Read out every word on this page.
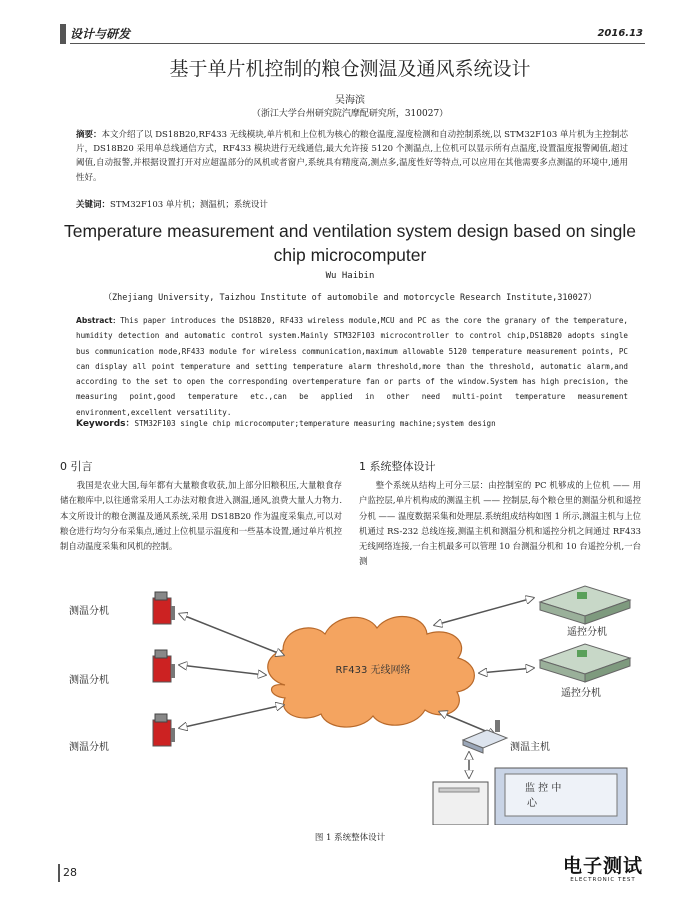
设计与研发	2016.13
基于单片机控制的粮仓测温及通风系统设计
吴海滨
（浙江大学台州研究院汽摩配研究所，310027）
摘要：本文介绍了以 DS18B20,RF433 无线模块,单片机和上位机为核心的粮仓温度,湿度检测和自动控制系统,以 STM32F103 单片机为主控制芯片，DS18B20 采用单总线通信方式，RF433 模块进行无线通信,最大允许接 5120 个测温点,上位机可以显示所有点温度,设置温度报警阈值,超过阈值,自动报警,并根据设置打开对应超温部分的风机或者窗户,系统具有精度高,测点多,温度性好等特点,可以应用在其他需要多点测温的环境中,通用性好。
关键词：STM32F103 单片机；测温机；系统设计
Temperature measurement and ventilation system design based on single chip microcomputer
Wu Haibin
（Zhejiang University, Taizhou Institute of automobile and motorcycle Research Institute,310027）
Abstract：This paper introduces the DS18B20, RF433 wireless module,MCU and PC as the core the granary of the temperature, humidity detection and automatic control system.Mainly STM32F103 microcontroller to control chip,DS18B20 adopts single bus communication mode,RF433 module for wireless communication,maximum allowable 5120 temperature measurement points, PC can display all point temperature and setting temperature alarm threshold,more than the threshold, automatic alarm,and according to the set to open the corresponding overtemperature fan or parts of the window.System has high precision, the measuring point,good temperature etc.,can be applied in other need multi-point temperature measurement environment,excellent versatility.
Keywords：STM32F103 single chip microcomputer;temperature measuring machine;system design
0 引言
我国是农业大国,每年都有大量粮食收获,加上部分旧粮积压,大量粮食存储在粮库中,以往通常采用人工办法对粮食进入测温,通风,浪费大量人力物力.本文所设计的粮仓测温及通风系统,采用 DS18B20 作为温度采集点,可以对粮仓进行均匀分布采集点,通过上位机显示温度和一些基本设置,通过单片机控制自动温度采集和风机的控制。
1 系统整体设计
整个系统从结构上可分三层：由控制室的 PC 机够成的上位机 —— 用户监控层,单片机构成的测温主机 —— 控制层,每个粮仓里的测温分机和遥控分机 —— 温度数据采集和处理层.系统组成结构如图 1 所示,测温主机与上位机通过 RS-232 总线连接,测温主机和测温分机和遥控分机之间通过 RF433 无线网络连接,一台主机最多可以管理 10 台测温分机和 10 台遥控分机,一台测
RF433 无线网络
测温分机
测温分机
测温分机
遥控分机
遥控分机
测温主机
监 控 中
心
图 1 系统整体设计
28	电子测试
ELECTRONIC TEST
